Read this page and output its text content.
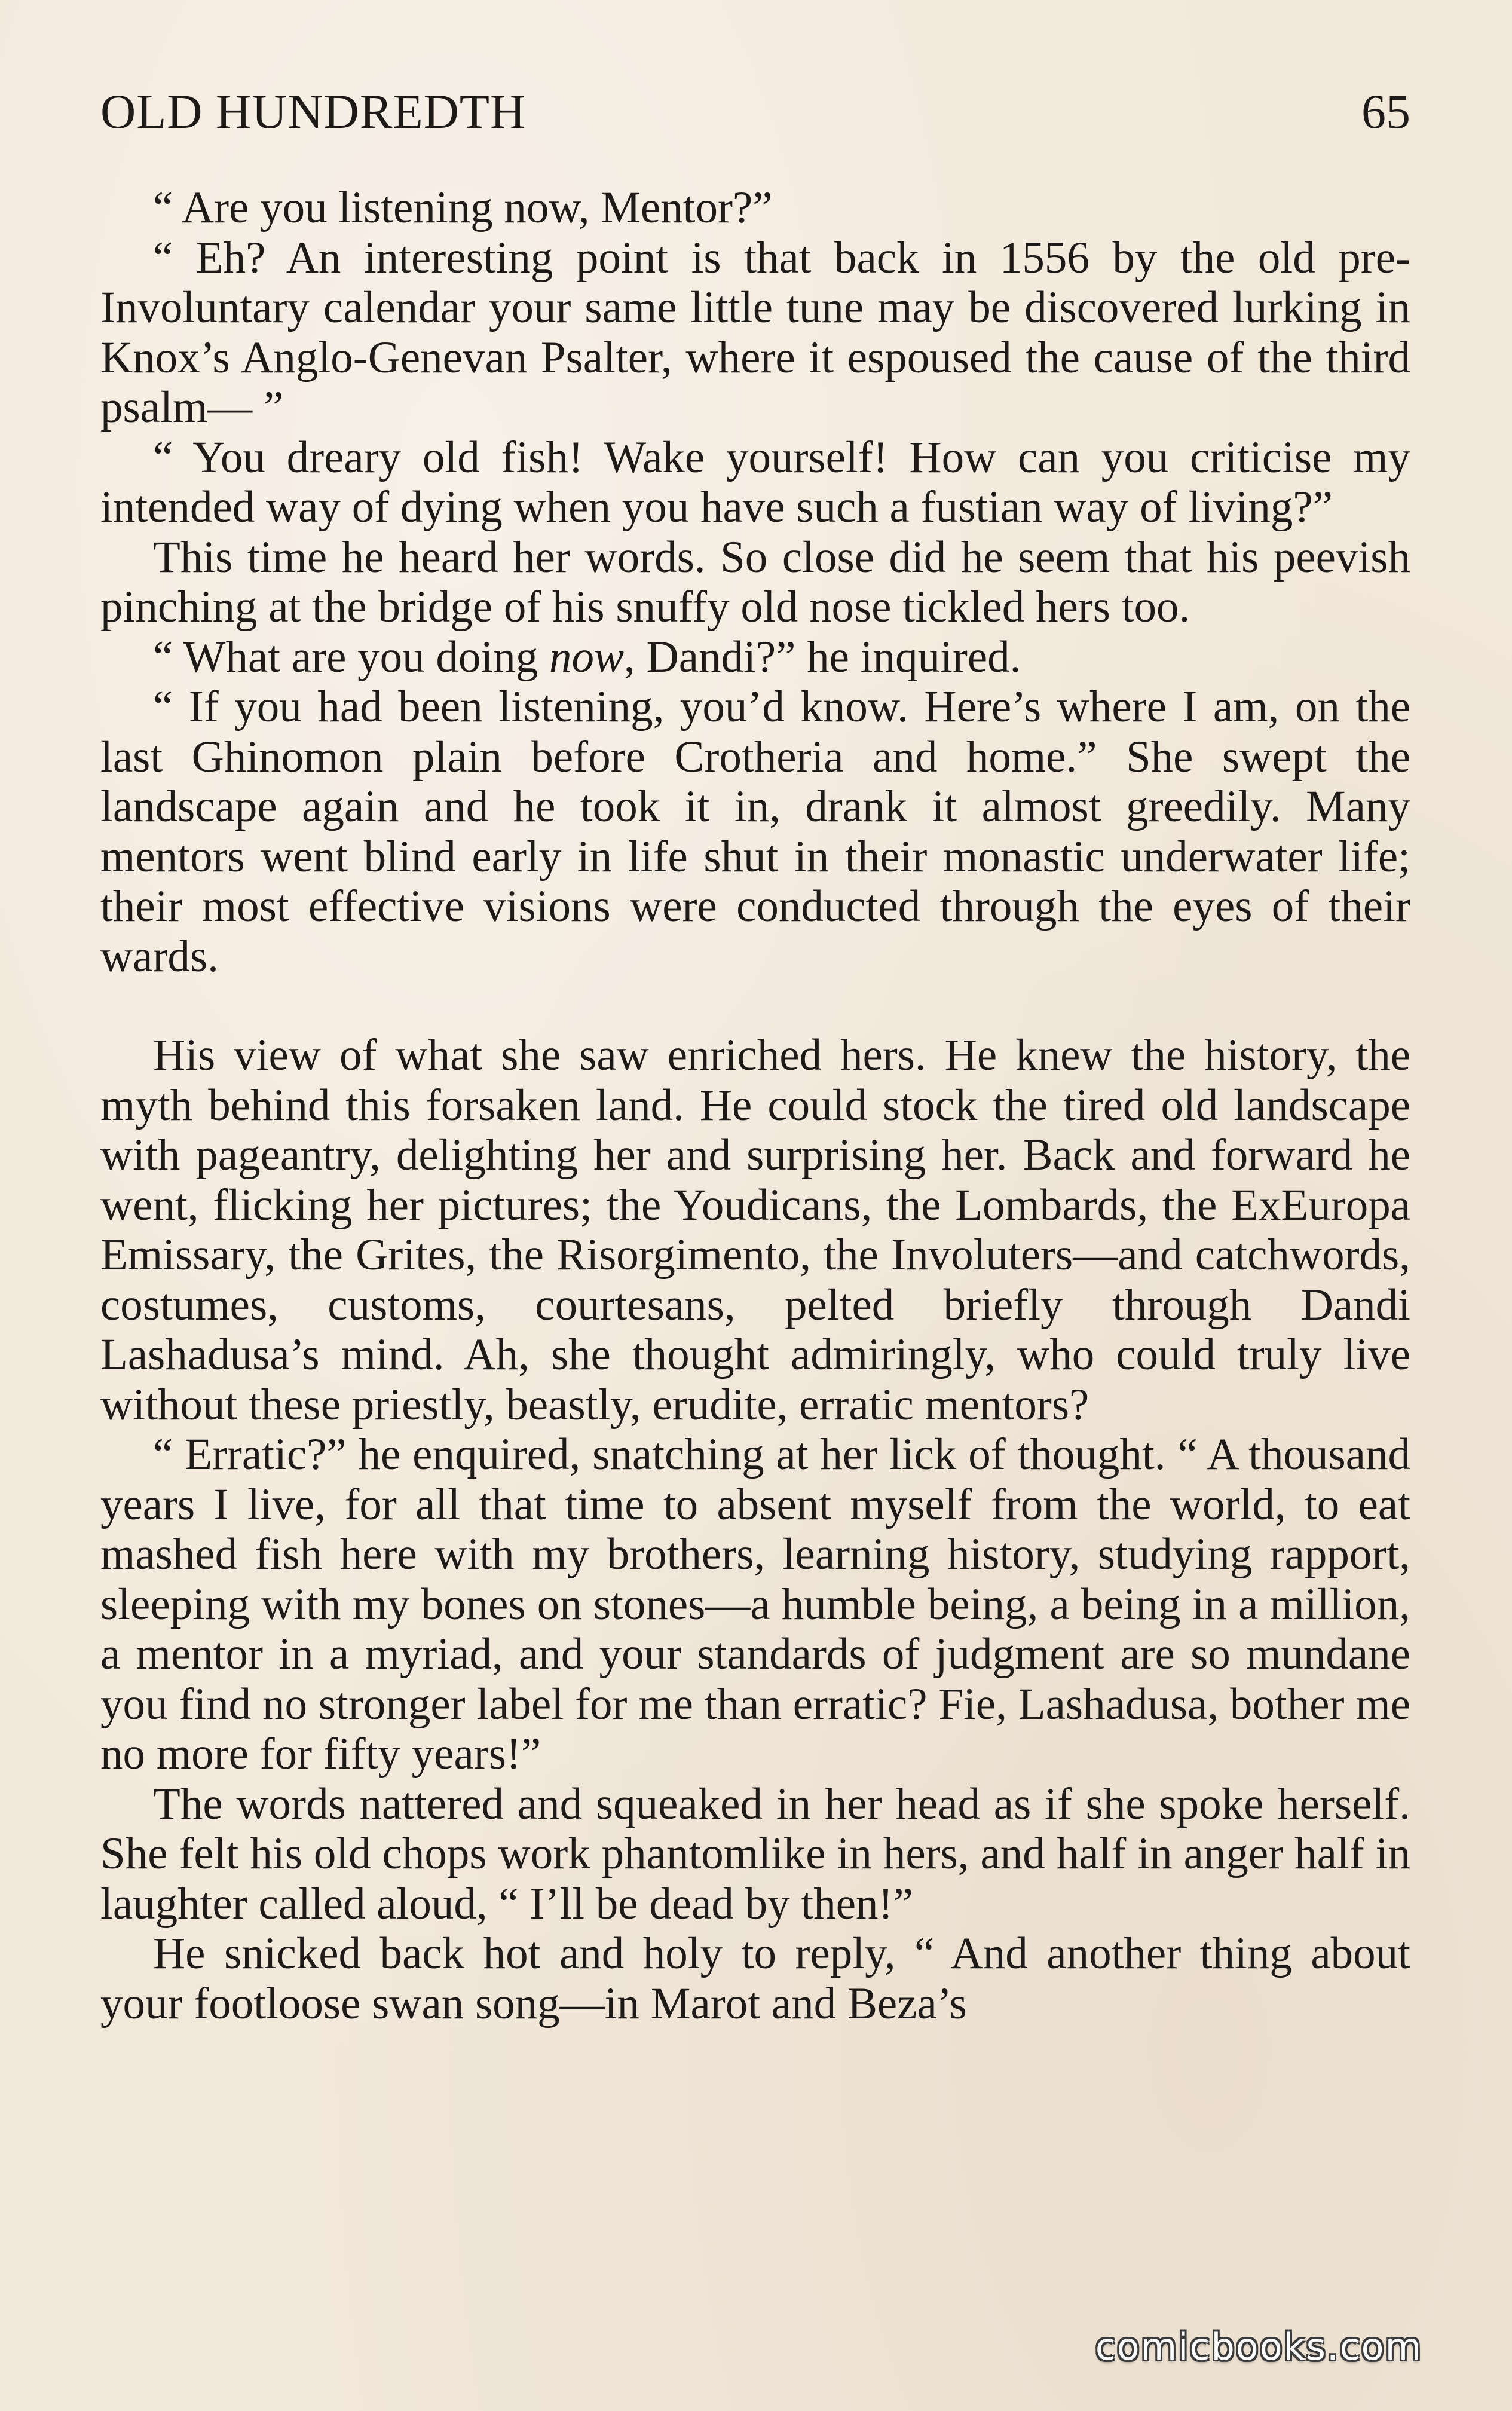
OLD HUNDREDTH	65

“ Are you listening now, Mentor?”

“ Eh? An interesting point is that back in 1556 by the old pre-Involuntary calendar your same little tune may be discovered lurking in Knox’s Anglo-Genevan Psalter, where it espoused the cause of the third psalm— ”

“ You dreary old fish! Wake yourself! How can you criticise my intended way of dying when you have such a fustian way of living?”

This time he heard her words. So close did he seem that his peevish pinching at the bridge of his snuffy old nose tickled hers too.

“ What are you doing now, Dandi?” he inquired.

“ If you had been listening, you’d know. Here’s where I am, on the last Ghinomon plain before Crotheria and home.” She swept the landscape again and he took it in, drank it almost greedily. Many mentors went blind early in life shut in their monastic underwater life; their most effective visions were conducted through the eyes of their wards.

His view of what she saw enriched hers. He knew the history, the myth behind this forsaken land. He could stock the tired old landscape with pageantry, delighting her and surprising her. Back and forward he went, flicking her pictures; the Youdicans, the Lombards, the ExEuropa Emissary, the Grites, the Risorgimento, the Involuters—and catchwords, costumes, customs, courtesans, pelted briefly through Dandi Lashadusa’s mind. Ah, she thought admiringly, who could truly live without these priestly, beastly, erudite, erratic mentors?

“ Erratic?” he enquired, snatching at her lick of thought. “ A thousand years I live, for all that time to absent myself from the world, to eat mashed fish here with my brothers, learning history, studying rapport, sleeping with my bones on stones—a humble being, a being in a million, a mentor in a myriad, and your standards of judgment are so mundane you find no stronger label for me than erratic? Fie, Lashadusa, bother me no more for fifty years!”

The words nattered and squeaked in her head as if she spoke herself. She felt his old chops work phantomlike in hers, and half in anger half in laughter called aloud, “ I’ll be dead by then!”

He snicked back hot and holy to reply, “ And another thing about your footloose swan song—in Marot and Beza’s

comicbooks.com
